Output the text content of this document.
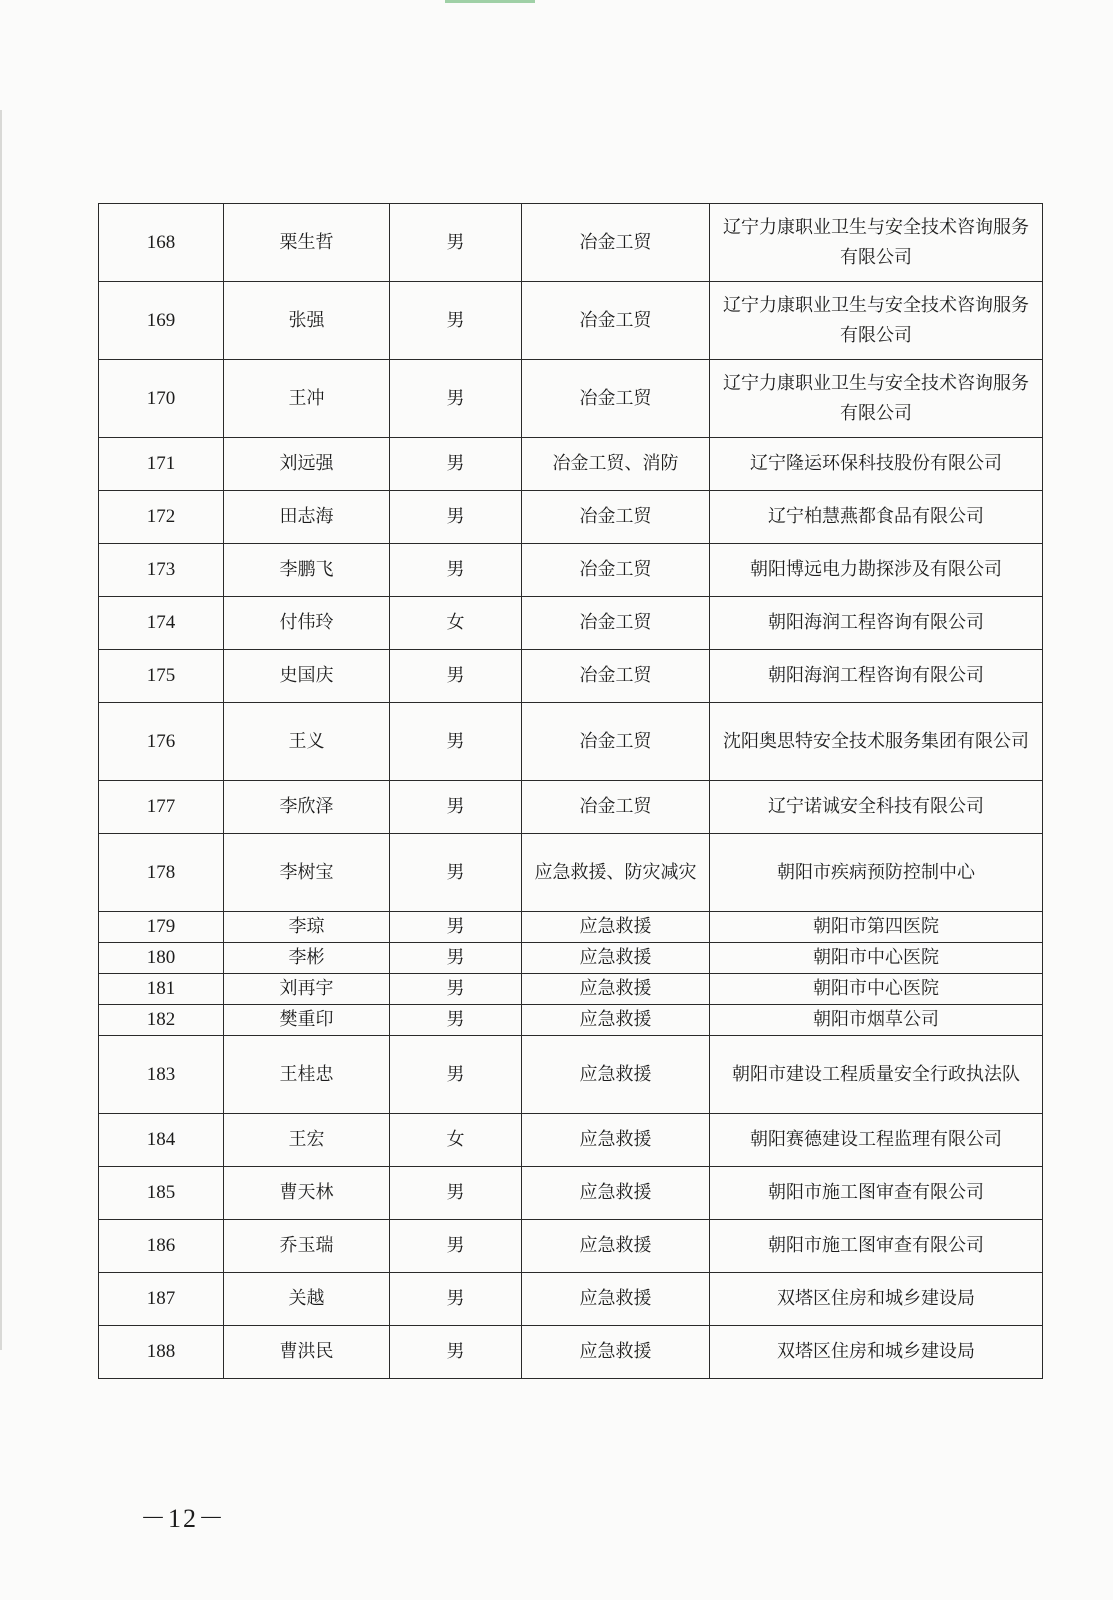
168	栗生哲	男	冶金工贸	辽宁力康职业卫生与安全技术咨询服务有限公司
169	张强	男	冶金工贸	辽宁力康职业卫生与安全技术咨询服务有限公司
170	王冲	男	冶金工贸	辽宁力康职业卫生与安全技术咨询服务有限公司
171	刘远强	男	冶金工贸、消防	辽宁隆运环保科技股份有限公司
172	田志海	男	冶金工贸	辽宁柏慧燕都食品有限公司
173	李鹏飞	男	冶金工贸	朝阳博远电力勘探涉及有限公司
174	付伟玲	女	冶金工贸	朝阳海润工程咨询有限公司
175	史国庆	男	冶金工贸	朝阳海润工程咨询有限公司
176	王义	男	冶金工贸	沈阳奥思特安全技术服务集团有限公司
177	李欣泽	男	冶金工贸	辽宁诺诚安全科技有限公司
178	李树宝	男	应急救援、防灾减灾	朝阳市疾病预防控制中心
179	李琼	男	应急救援	朝阳市第四医院
180	李彬	男	应急救援	朝阳市中心医院
181	刘再宇	男	应急救援	朝阳市中心医院
182	樊重印	男	应急救援	朝阳市烟草公司
183	王桂忠	男	应急救援	朝阳市建设工程质量安全行政执法队
184	王宏	女	应急救援	朝阳赛德建设工程监理有限公司
185	曹天林	男	应急救援	朝阳市施工图审查有限公司
186	乔玉瑞	男	应急救援	朝阳市施工图审查有限公司
187	关越	男	应急救援	双塔区住房和城乡建设局
188	曹洪民	男	应急救援	双塔区住房和城乡建设局
－12－
